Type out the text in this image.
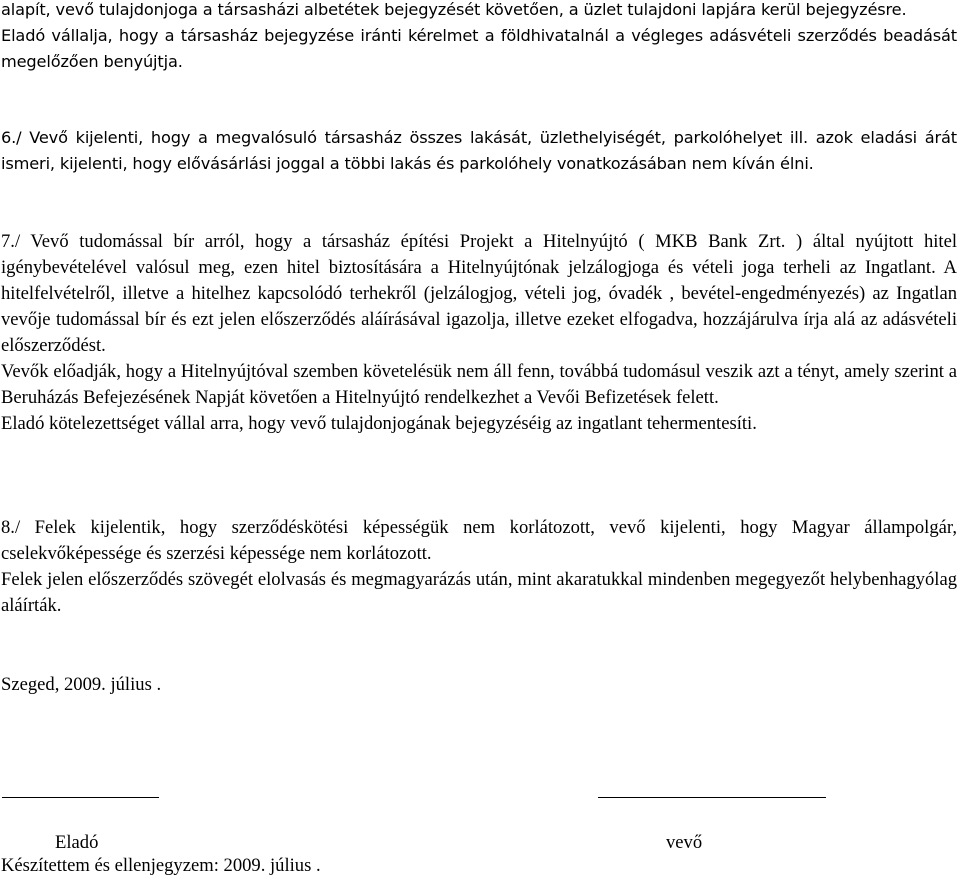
alapít, vevő tulajdonjoga a társasházi albetétek bejegyzését követően, a üzlet tulajdoni lapjára kerül bejegyzésre.

Eladó vállalja, hogy a társasház bejegyzése iránti kérelmet a földhivatalnál a végleges adásvételi szerződés beadását megelőzően benyújtja.

6./ Vevő kijelenti, hogy a megvalósuló társasház összes lakását, üzlethelyiségét, parkolóhelyet ill. azok eladási árát ismeri, kijelenti, hogy elővásárlási joggal a többi lakás és parkolóhely vonatkozásában nem kíván élni.

7./ Vevő tudomással bír arról, hogy a társasház építési Projekt a Hitelnyújtó ( MKB Bank Zrt. ) által nyújtott hitel igénybevételével valósul meg, ezen hitel biztosítására a Hitelnyújtónak jelzálogjoga és vételi joga terheli az Ingatlant. A hitelfelvételről, illetve a hitelhez kapcsolódó terhekről (jelzálogjog, vételi jog, óvadék , bevétel-engedményezés) az Ingatlan vevője tudomással bír és ezt jelen előszerződés aláírásával igazolja, illetve ezeket elfogadva, hozzájárulva írja alá az adásvételi előszerződést.

Vevők előadják, hogy a Hitelnyújtóval szemben követelésük nem áll fenn, továbbá tudomásul veszik azt a tényt, amely szerint a Beruházás Befejezésének Napját követően a Hitelnyújtó rendelkezhet a Vevői Befizetések felett.

Eladó kötelezettséget vállal arra, hogy vevő tulajdonjogának bejegyzéséig az ingatlant tehermentesíti.

8./ Felek kijelentik, hogy szerződéskötési képességük nem korlátozott, vevő kijelenti, hogy Magyar állampolgár, cselekvőképessége és szerzési képessége nem korlátozott.

Felek jelen előszerződés szövegét elolvasás és megmagyarázás után, mint akaratukkal mindenben megegyezőt helybenhagyólag aláírták.

Szeged, 2009. július .

Eladó	vevő

Készítettem és ellenjegyzem: 2009. július .
